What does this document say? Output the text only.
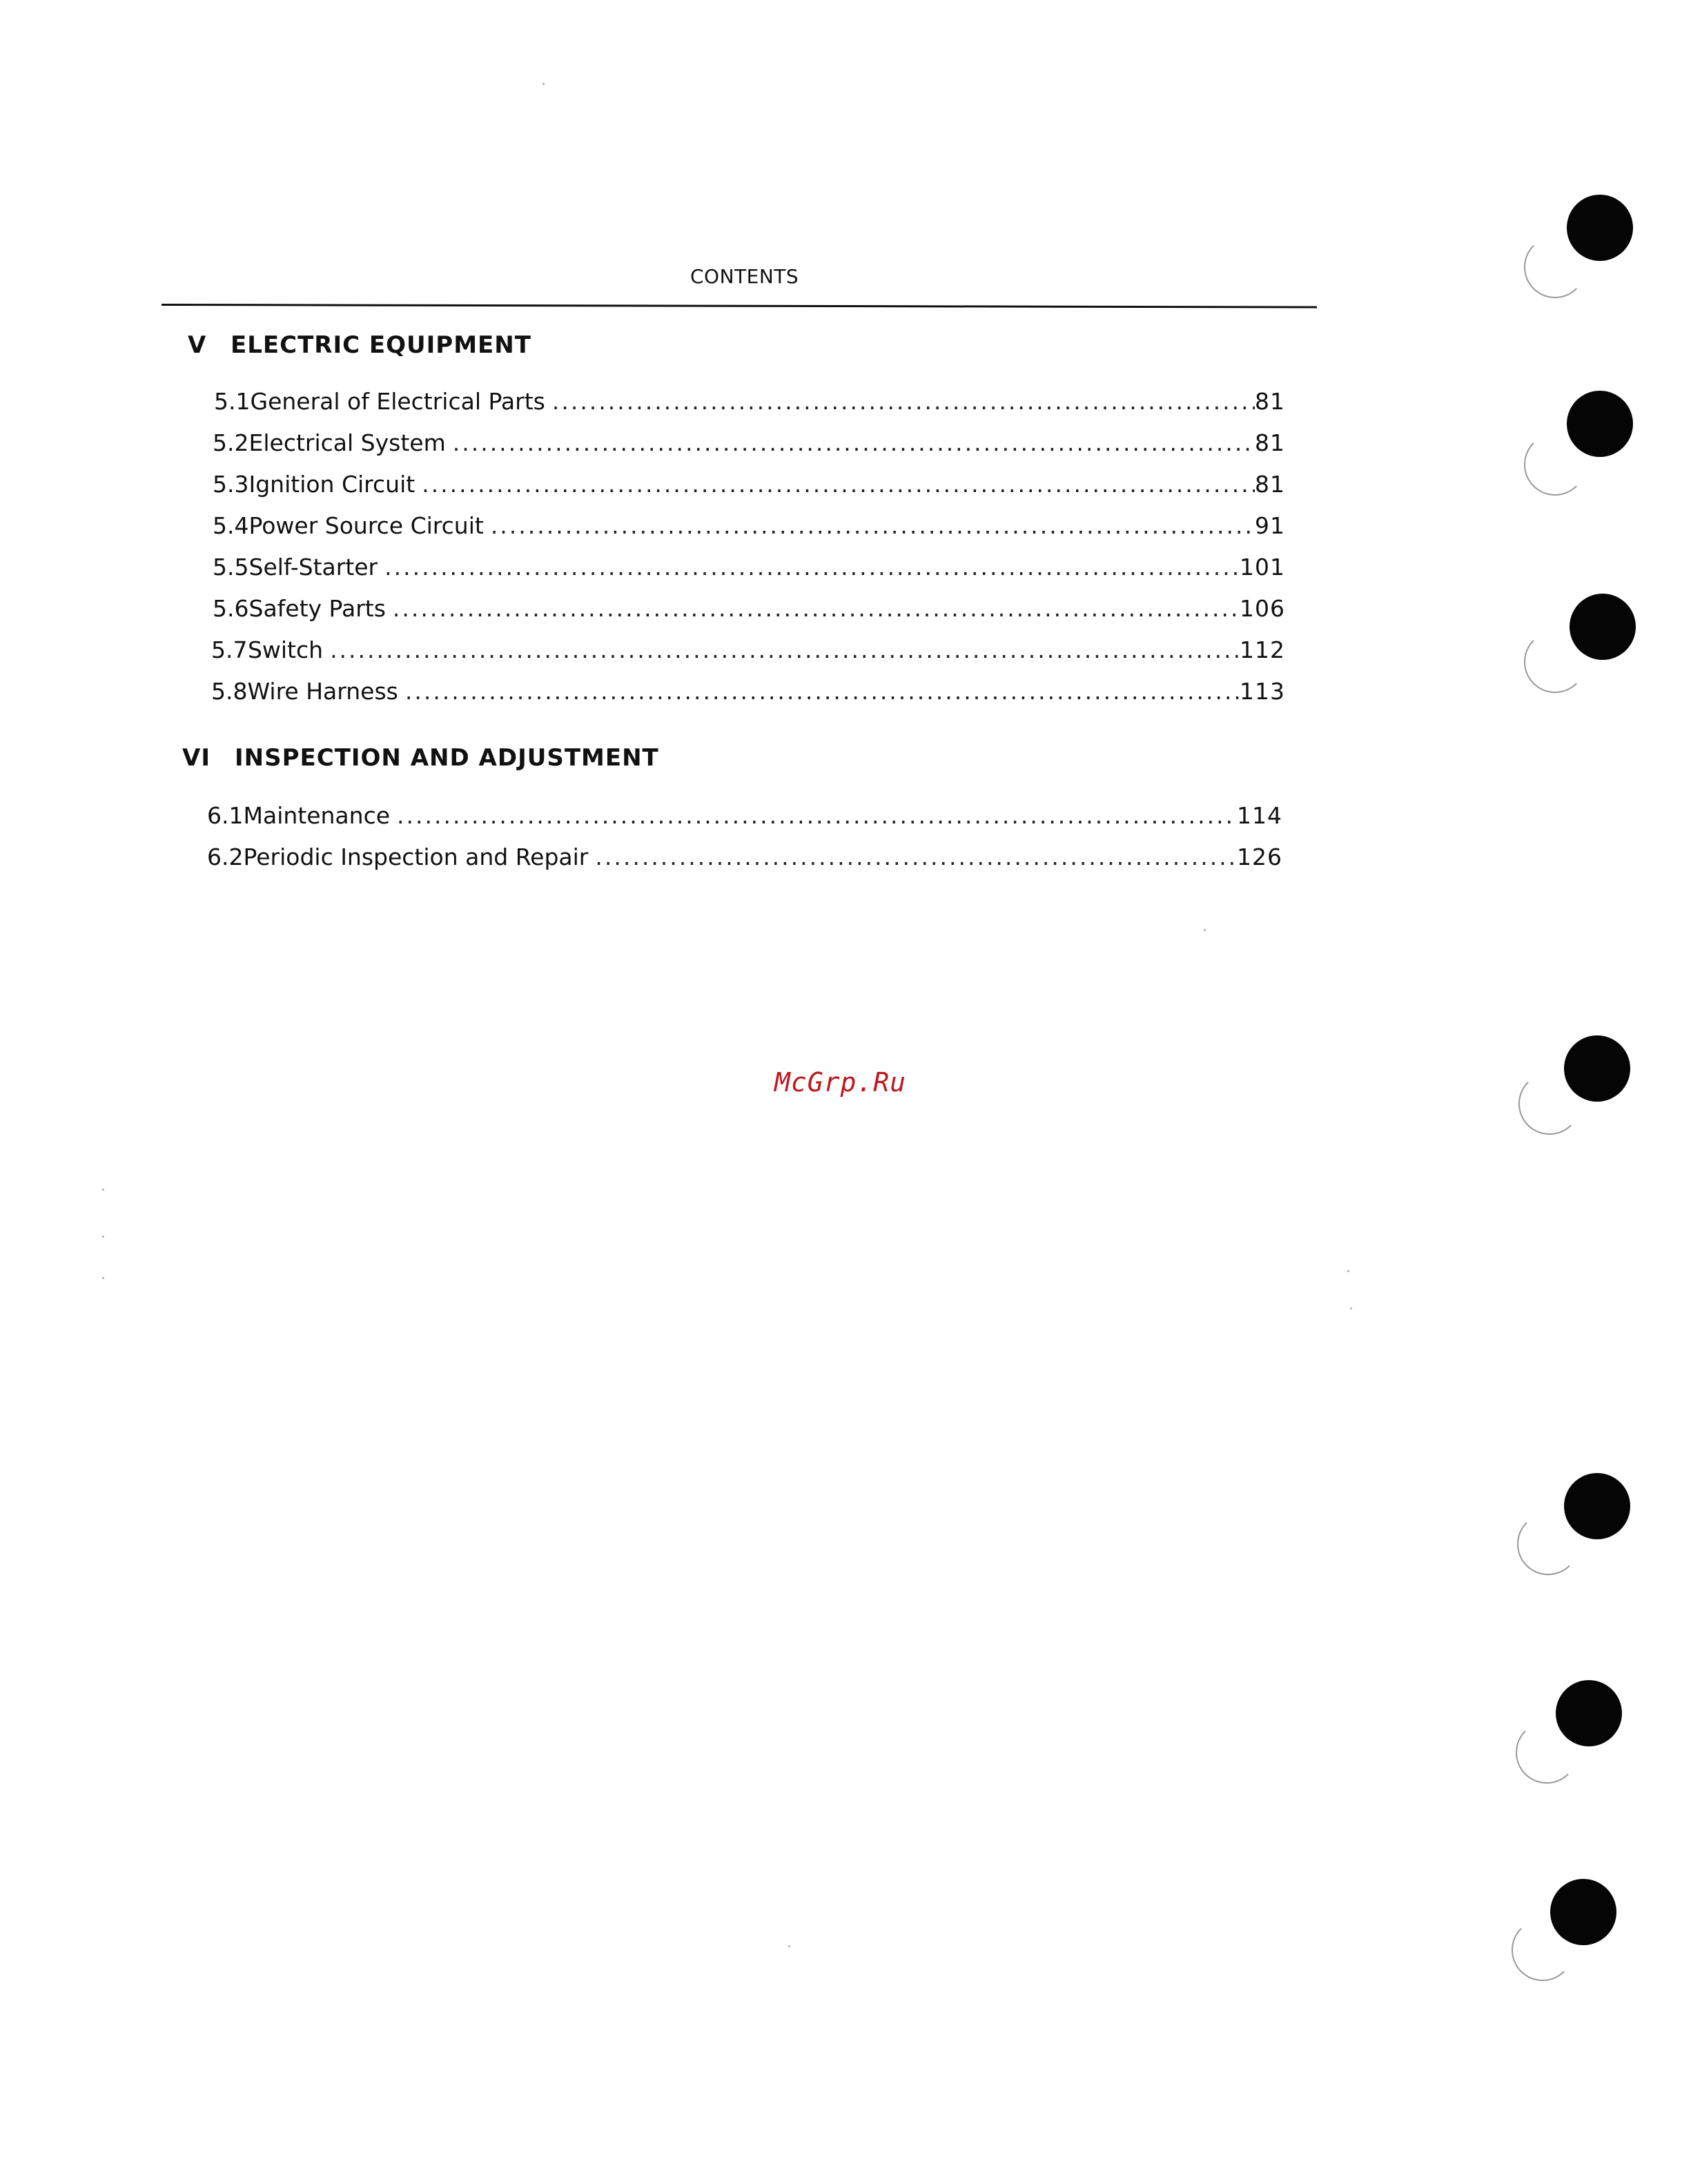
CONTENTS
V ELECTRIC EQUIPMENT
5. 1 General of Electrical Parts .....	81
5. 2 Electrical System .....	81
5. 3 Ignition Circuit .....	81
5. 4 Power Source Circuit .....	91
5. 5 Self-Starter .....	101
5. 6 Safety Parts .....	106
5. 7 Switch .....	112
5. 8 Wire Harness .....	113
VI INSPECTION AND ADJUSTMENT
6. 1 Maintenance .....	114
6. 2 Periodic Inspection and Repair .....	126
McGrp.Ru
